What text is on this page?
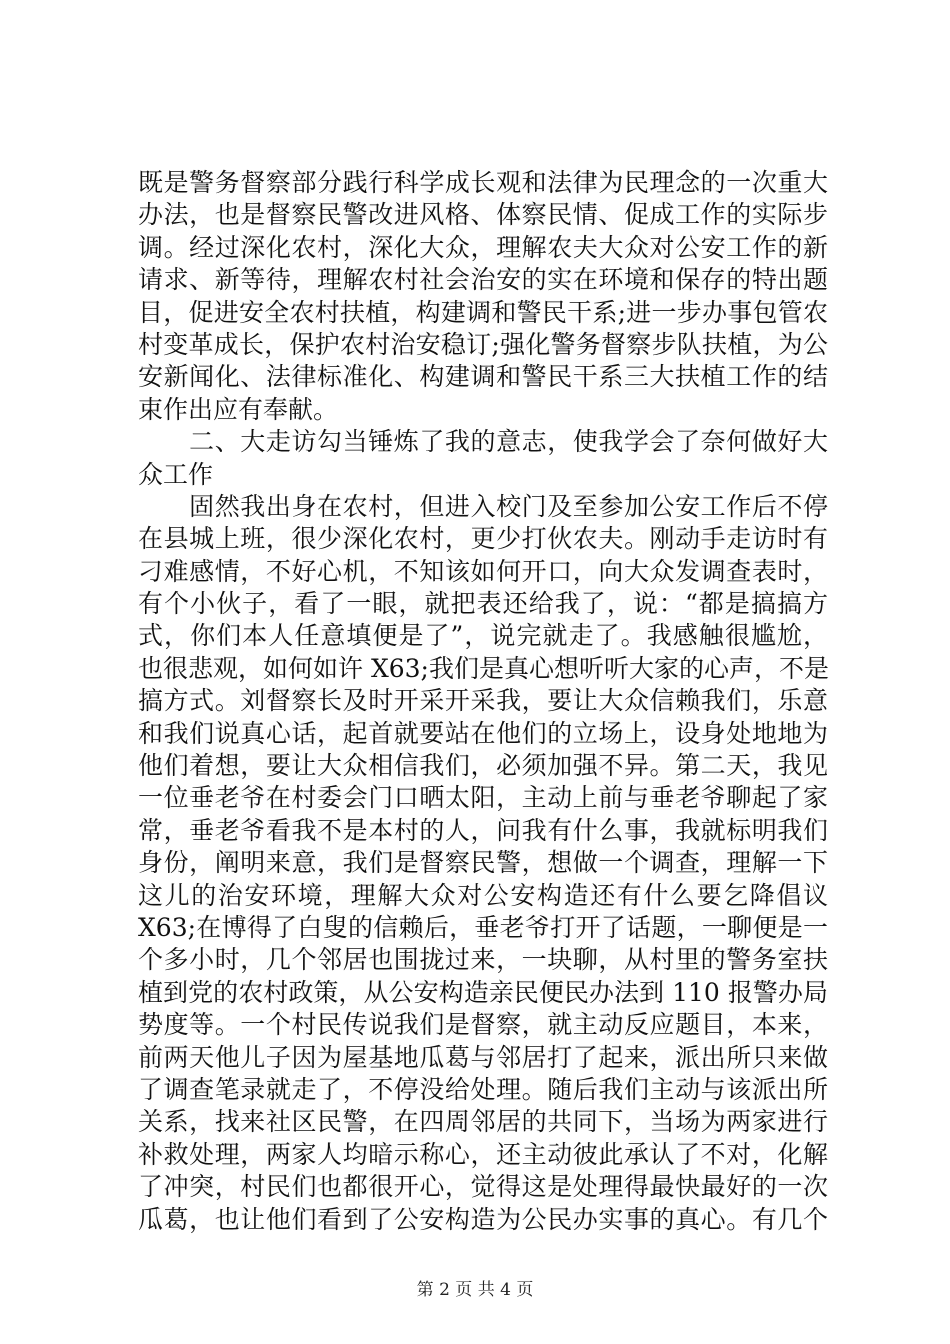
既是警务督察部分践行科学成长观和法律为民理念的一次重大
办法，也是督察民警改进风格、体察民情、促成工作的实际步
调。经过深化农村，深化大众，理解农夫大众对公安工作的新
请求、新等待，理解农村社会治安的实在环境和保存的特出题
目，促进安全农村扶植，构建调和警民干系;进一步办事包管农
村变革成长，保护农村治安稳订;强化警务督察步队扶植，为公
安新闻化、法律标准化、构建调和警民干系三大扶植工作的结
束作出应有奉献。
　　二、大走访勾当锤炼了我的意志，使我学会了奈何做好大
众工作
　　固然我出身在农村，但进入校门及至参加公安工作后不停
在县城上班，很少深化农村，更少打伙农夫。刚动手走访时有
刁难感情，不好心机，不知该如何开口，向大众发调查表时，
有个小伙子，看了一眼，就把表还给我了，说：“都是搞搞方
式，你们本人任意填便是了”，说完就走了。我感触很尴尬，
也很悲观，如何如许 X63;我们是真心想听听大家的心声，不是
搞方式。刘督察长及时开采开采我，要让大众信赖我们，乐意
和我们说真心话，起首就要站在他们的立场上，设身处地地为
他们着想，要让大众相信我们，必须加强不异。第二天，我见
一位垂老爷在村委会门口晒太阳，主动上前与垂老爷聊起了家
常，垂老爷看我不是本村的人，问我有什么事，我就标明我们
身份，阐明来意，我们是督察民警，想做一个调查，理解一下
这儿的治安环境，理解大众对公安构造还有什么要乞降倡议
X63;在博得了白叟的信赖后，垂老爷打开了话题，一聊便是一
个多小时，几个邻居也围拢过来，一块聊，从村里的警务室扶
植到党的农村政策，从公安构造亲民便民办法到 110 报警办局
势度等。一个村民传说我们是督察，就主动反应题目，本来，
前两天他儿子因为屋基地瓜葛与邻居打了起来，派出所只来做
了调查笔录就走了，不停没给处理。随后我们主动与该派出所
关系，找来社区民警，在四周邻居的共同下，当场为两家进行
补救处理，两家人均暗示称心，还主动彼此承认了不对，化解
了冲突，村民们也都很开心，觉得这是处理得最快最好的一次
瓜葛，也让他们看到了公安构造为公民办实事的真心。有几个
第 2 页 共 4 页
